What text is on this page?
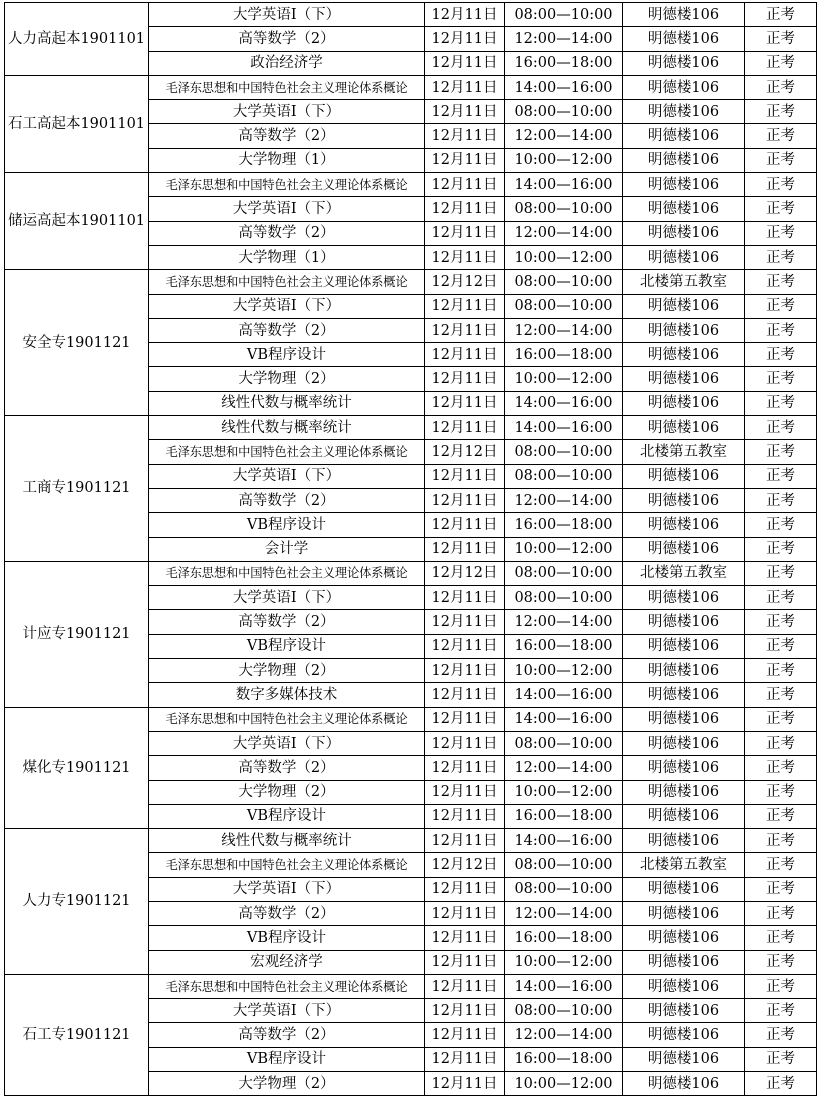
人力高起本1901101	大学英语I（下）	12月11日	08:00—10:00	明德楼106	正考
	高等数学（2）	12月11日	12:00—14:00	明德楼106	正考
	政治经济学	12月11日	16:00—18:00	明德楼106	正考
石工高起本1901101	毛泽东思想和中国特色社会主义理论体系概论	12月11日	14:00—16:00	明德楼106	正考
	大学英语I（下）	12月11日	08:00—10:00	明德楼106	正考
	高等数学（2）	12月11日	12:00—14:00	明德楼106	正考
	大学物理（1）	12月11日	10:00—12:00	明德楼106	正考
储运高起本1901101	毛泽东思想和中国特色社会主义理论体系概论	12月11日	14:00—16:00	明德楼106	正考
	大学英语I（下）	12月11日	08:00—10:00	明德楼106	正考
	高等数学（2）	12月11日	12:00—14:00	明德楼106	正考
	大学物理（1）	12月11日	10:00—12:00	明德楼106	正考
安全专1901121	毛泽东思想和中国特色社会主义理论体系概论	12月12日	08:00—10:00	北楼第五教室	正考
	大学英语I（下）	12月11日	08:00—10:00	明德楼106	正考
	高等数学（2）	12月11日	12:00—14:00	明德楼106	正考
	VB程序设计	12月11日	16:00—18:00	明德楼106	正考
	大学物理（2）	12月11日	10:00—12:00	明德楼106	正考
	线性代数与概率统计	12月11日	14:00—16:00	明德楼106	正考
工商专1901121	线性代数与概率统计	12月11日	14:00—16:00	明德楼106	正考
	毛泽东思想和中国特色社会主义理论体系概论	12月12日	08:00—10:00	北楼第五教室	正考
	大学英语I（下）	12月11日	08:00—10:00	明德楼106	正考
	高等数学（2）	12月11日	12:00—14:00	明德楼106	正考
	VB程序设计	12月11日	16:00—18:00	明德楼106	正考
	会计学	12月11日	10:00—12:00	明德楼106	正考
计应专1901121	毛泽东思想和中国特色社会主义理论体系概论	12月12日	08:00—10:00	北楼第五教室	正考
	大学英语I（下）	12月11日	08:00—10:00	明德楼106	正考
	高等数学（2）	12月11日	12:00—14:00	明德楼106	正考
	VB程序设计	12月11日	16:00—18:00	明德楼106	正考
	大学物理（2）	12月11日	10:00—12:00	明德楼106	正考
	数字多媒体技术	12月11日	14:00—16:00	明德楼106	正考
煤化专1901121	毛泽东思想和中国特色社会主义理论体系概论	12月11日	14:00—16:00	明德楼106	正考
	大学英语I（下）	12月11日	08:00—10:00	明德楼106	正考
	高等数学（2）	12月11日	12:00—14:00	明德楼106	正考
	大学物理（2）	12月11日	10:00—12:00	明德楼106	正考
	VB程序设计	12月11日	16:00—18:00	明德楼106	正考
人力专1901121	线性代数与概率统计	12月11日	14:00—16:00	明德楼106	正考
	毛泽东思想和中国特色社会主义理论体系概论	12月12日	08:00—10:00	北楼第五教室	正考
	大学英语I（下）	12月11日	08:00—10:00	明德楼106	正考
	高等数学（2）	12月11日	12:00—14:00	明德楼106	正考
	VB程序设计	12月11日	16:00—18:00	明德楼106	正考
	宏观经济学	12月11日	10:00—12:00	明德楼106	正考
石工专1901121	毛泽东思想和中国特色社会主义理论体系概论	12月11日	14:00—16:00	明德楼106	正考
	大学英语I（下）	12月11日	08:00—10:00	明德楼106	正考
	高等数学（2）	12月11日	12:00—14:00	明德楼106	正考
	VB程序设计	12月11日	16:00—18:00	明德楼106	正考
	大学物理（2）	12月11日	10:00—12:00	明德楼106	正考
